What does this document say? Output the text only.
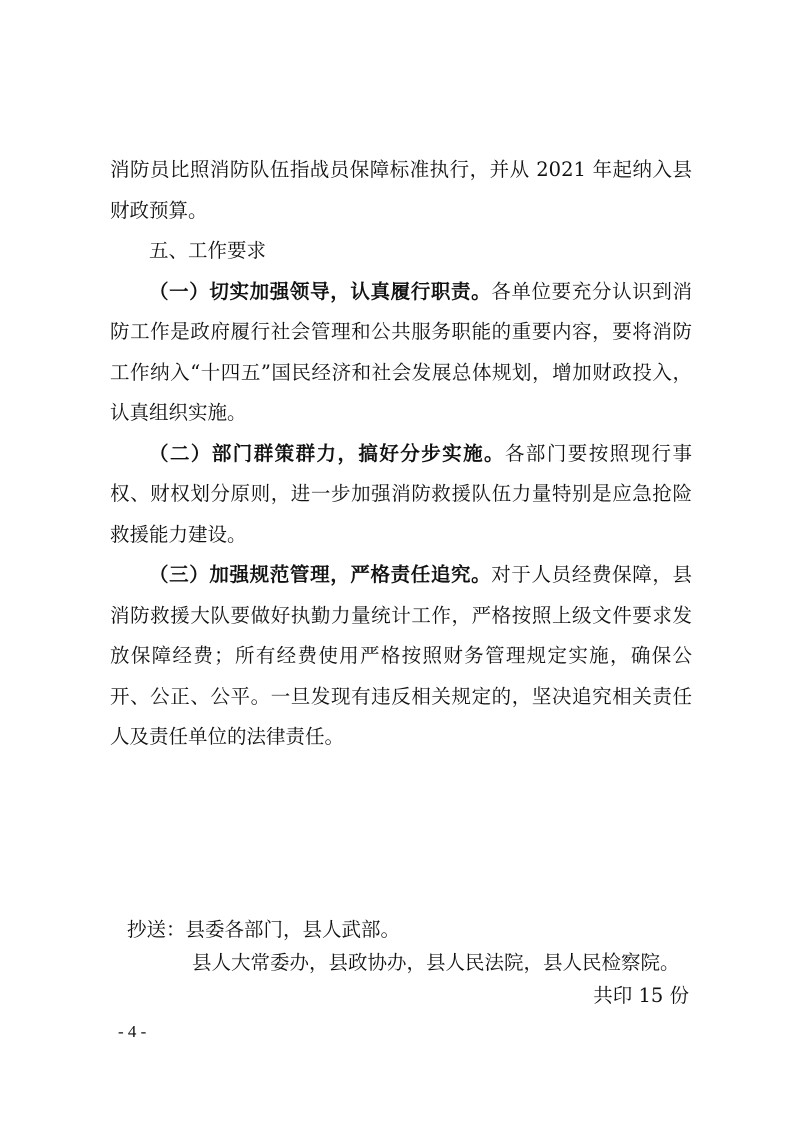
消防员比照消防队伍指战员保障标准执行，并从 2021 年起纳入县财政预算。

五、工作要求

（一）切实加强领导，认真履行职责。各单位要充分认识到消防工作是政府履行社会管理和公共服务职能的重要内容，要将消防工作纳入“十四五”国民经济和社会发展总体规划，增加财政投入，认真组织实施。

（二）部门群策群力，搞好分步实施。各部门要按照现行事权、财权划分原则，进一步加强消防救援队伍力量特别是应急抢险救援能力建设。

（三）加强规范管理，严格责任追究。对于人员经费保障，县消防救援大队要做好执勤力量统计工作，严格按照上级文件要求发放保障经费；所有经费使用严格按照财务管理规定实施，确保公开、公正、公平。一旦发现有违反相关规定的，坚决追究相关责任人及责任单位的法律责任。

抄送：县委各部门，县人武部。

县人大常委办，县政协办，县人民法院，县人民检察院。

共印 15 份

- 4 -
